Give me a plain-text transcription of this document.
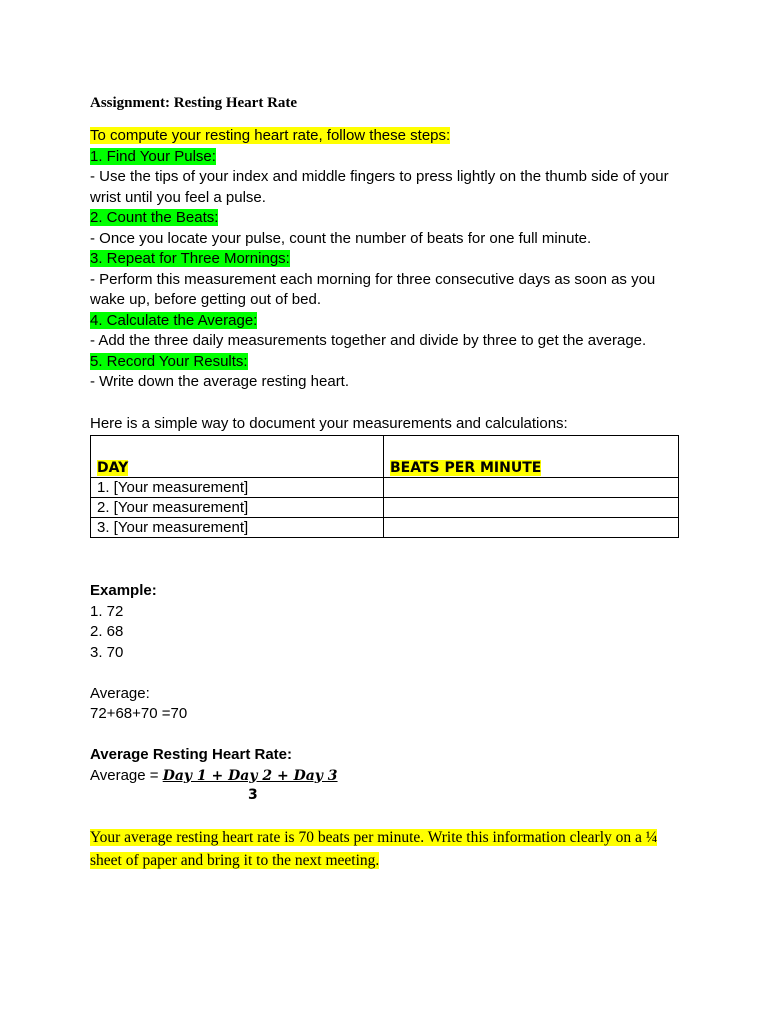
Assignment: Resting Heart Rate

To compute your resting heart rate, follow these steps:

1. Find Your Pulse:

- Use the tips of your index and middle fingers to press lightly on the thumb side of your wrist until you feel a pulse.

2. Count the Beats:

- Once you locate your pulse, count the number of beats for one full minute.

3. Repeat for Three Mornings:

- Perform this measurement each morning for three consecutive days as soon as you wake up, before getting out of bed.

4. Calculate the Average:

- Add the three daily measurements together and divide by three to get the average.

5. Record Your Results:

- Write down the average resting heart.

Here is a simple way to document your measurements and calculations:

DAY	BEATS PER MINUTE
1. [Your measurement]	
2. [Your measurement]	
3. [Your measurement]	

Example:

1. 72

2. 68

3. 70

Average:

72+68+70 =70

Average Resting Heart Rate:

Average = Day 1 + Day 2 + Day 3

3

Your average resting heart rate is 70 beats per minute. Write this information clearly on a ¼ sheet of paper and bring it to the next meeting.
